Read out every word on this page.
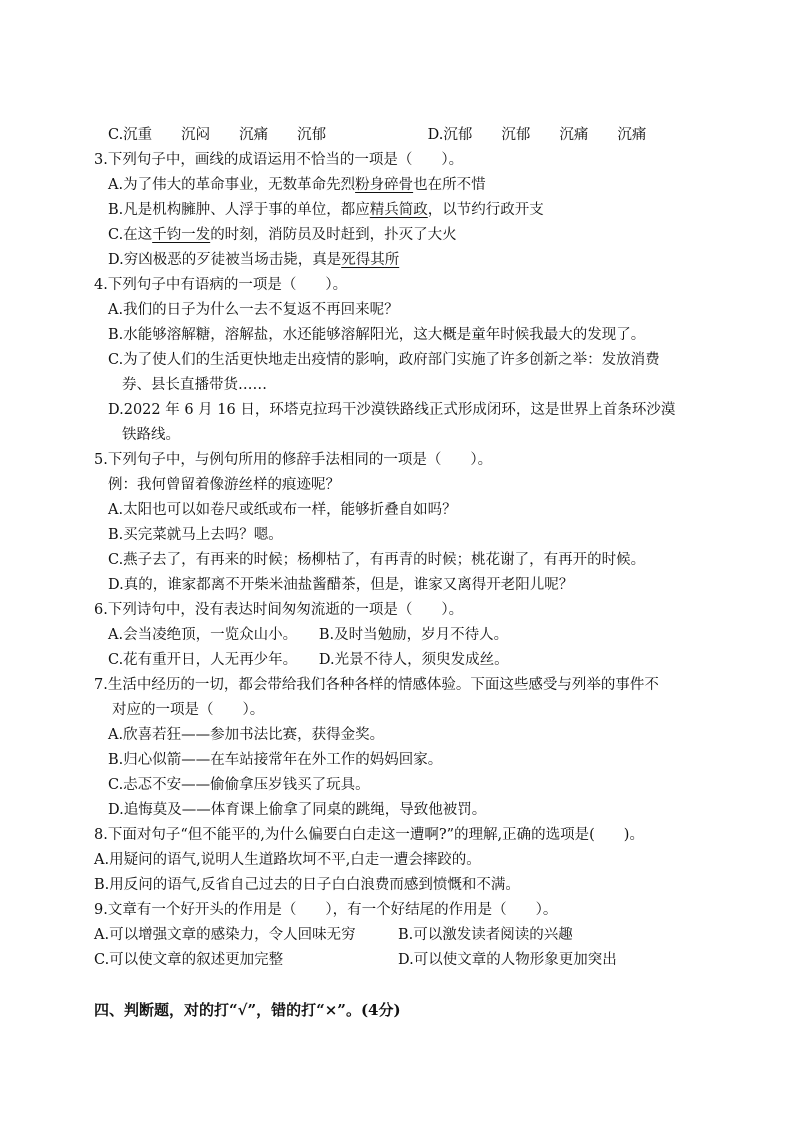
C.沉重　　沉闷　　沉痛　　沉郁　　　　　　　D.沉郁　　沉郁　　沉痛　　沉痛
3.下列句子中，画线的成语运用不恰当的一项是（　　）。
A.为了伟大的革命事业，无数革命先烈粉身碎骨也在所不惜
B.凡是机构臃肿、人浮于事的单位，都应精兵简政，以节约行政开支
C.在这千钧一发的时刻，消防员及时赶到，扑灭了大火
D.穷凶极恶的歹徒被当场击毙，真是死得其所
4.下列句子中有语病的一项是（　　）。
A.我们的日子为什么一去不复返不再回来呢？
B.水能够溶解糖，溶解盐，水还能够溶解阳光，这大概是童年时候我最大的发现了。
C.为了使人们的生活更快地走出疫情的影响，政府部门实施了许多创新之举：发放消费
券、县长直播带货……
D.2022 年 6 月 16 日，环塔克拉玛干沙漠铁路线正式形成闭环，这是世界上首条环沙漠
铁路线。
5.下列句子中，与例句所用的修辞手法相同的一项是（　　）。
例：我何曾留着像游丝样的痕迹呢？
A.太阳也可以如卷尺或纸或布一样，能够折叠自如吗？
B.买完菜就马上去吗？嗯。
C.燕子去了，有再来的时候；杨柳枯了，有再青的时候；桃花谢了，有再开的时候。
D.真的，谁家都离不开柴米油盐酱醋茶，但是，谁家又离得开老阳儿呢？
6.下列诗句中，没有表达时间匆匆流逝的一项是（　　）。
A.会当凌绝顶，一览众山小。　　B.及时当勉励，岁月不待人。
C.花有重开日，人无再少年。　　D.光景不待人，须臾发成丝。
7.生活中经历的一切，都会带给我们各种各样的情感体验。下面这些感受与列举的事件不
对应的一项是（　　）。
A.欣喜若狂——参加书法比赛，获得金奖。
B.归心似箭——在车站接常年在外工作的妈妈回家。
C.忐忑不安——偷偷拿压岁钱买了玩具。
D.追悔莫及——体育课上偷拿了同桌的跳绳，导致他被罚。
8.下面对句子“但不能平的,为什么偏要白白走这一遭啊?”的理解,正确的选项是(　　)。
A.用疑问的语气,说明人生道路坎坷不平,白走一遭会摔跤的。
B.用反问的语气,反省自己过去的日子白白浪费而感到愤慨和不满。
9.文章有一个好开头的作用是（　　），有一个好结尾的作用是（　　）。
A.可以增强文章的感染力，令人回味无穷	B.可以激发读者阅读的兴趣
C.可以使文章的叙述更加完整	D.可以使文章的人物形象更加突出
四、判断题，对的打“√”，错的打“×”。(4分)
